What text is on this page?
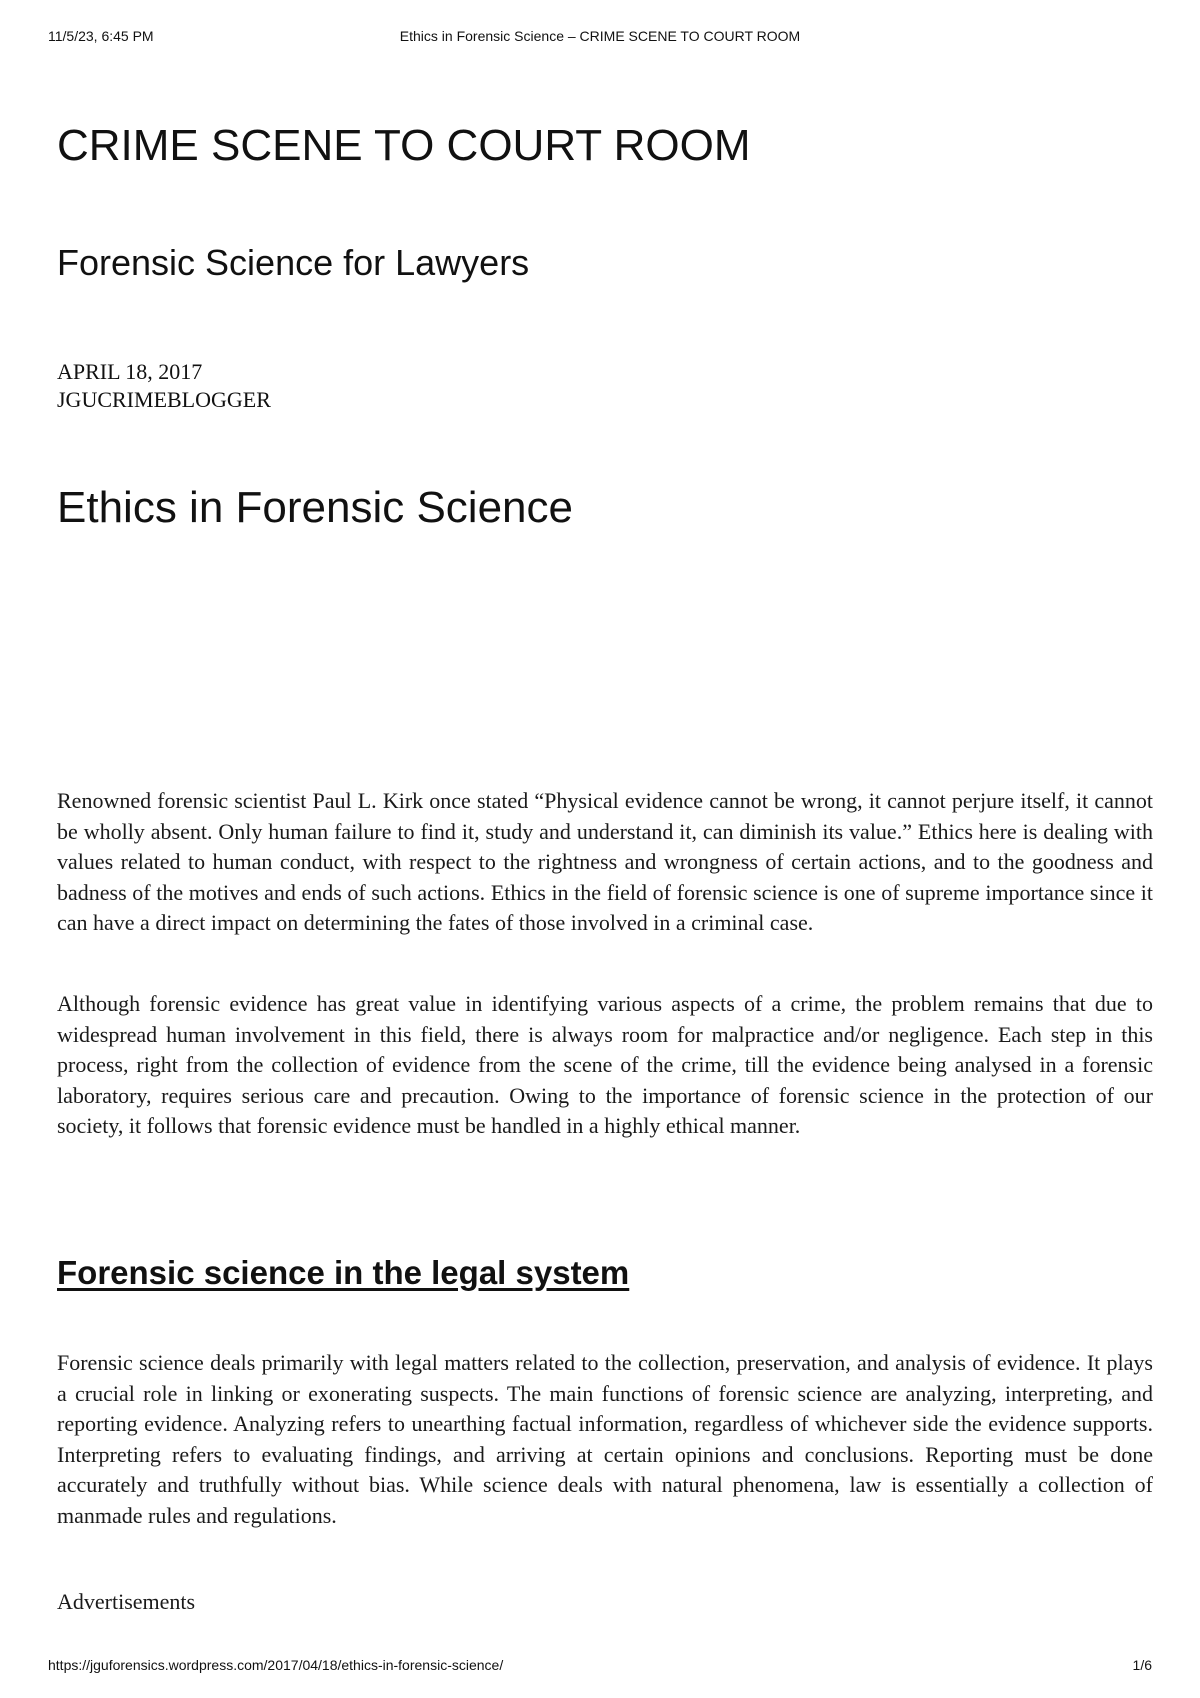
11/5/23, 6:45 PM	Ethics in Forensic Science – CRIME SCENE TO COURT ROOM
CRIME SCENE TO COURT ROOM
Forensic Science for Lawyers
APRIL 18, 2017
JGUCRIMEBLOGGER
Ethics in Forensic Science

Renowned forensic scientist Paul L. Kirk once stated “Physical evidence cannot be wrong, it cannot perjure itself, it cannot be wholly absent. Only human failure to find it, study and understand it, can diminish its value.” Ethics here is dealing with values related to human conduct, with respect to the rightness and wrongness of certain actions, and to the goodness and badness of the motives and ends of such actions. Ethics in the field of forensic science is one of supreme importance since it can have a direct impact on determining the fates of those involved in a criminal case.

Although forensic evidence has great value in identifying various aspects of a crime, the problem remains that due to widespread human involvement in this field, there is always room for malpractice and/or negligence. Each step in this process, right from the collection of evidence from the scene of the crime, till the evidence being analysed in a forensic laboratory, requires serious care and precaution. Owing to the importance of forensic science in the protection of our society, it follows that forensic evidence must be handled in a highly ethical manner.

Forensic science in the legal system

Forensic science deals primarily with legal matters related to the collection, preservation, and analysis of evidence. It plays a crucial role in linking or exonerating suspects. The main functions of forensic science are analyzing, interpreting, and reporting evidence. Analyzing refers to unearthing factual information, regardless of whichever side the evidence supports. Interpreting refers to evaluating findings, and arriving at certain opinions and conclusions. Reporting must be done accurately and truthfully without bias. While science deals with natural phenomena, law is essentially a collection of manmade rules and regulations.

Advertisements
https://jguforensics.wordpress.com/2017/04/18/ethics-in-forensic-science/	1/6
